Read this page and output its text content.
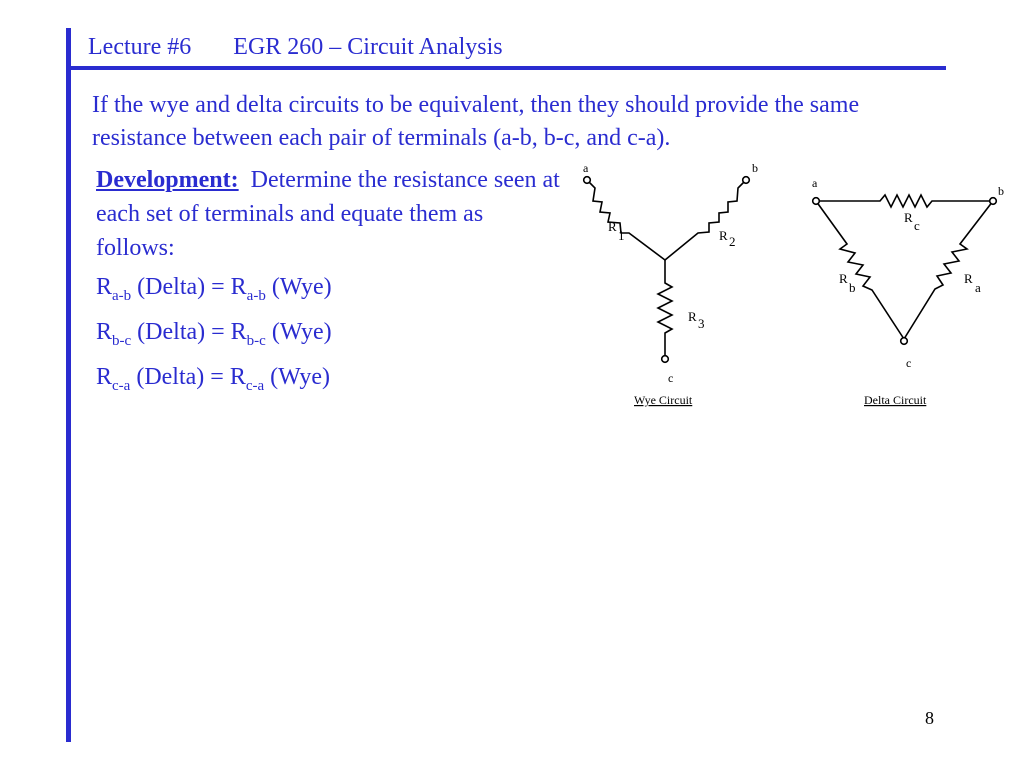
Lecture #6 EGR 260 – Circuit Analysis
If the wye and delta circuits to be equivalent, then they should provide the same resistance between each pair of terminals (a-b, b-c, and c-a).
Development: Determine the resistance seen at each set of terminals and equate them as follows:
$R_{a-b}$ (Delta) = $R_{a-b}$ (Wye)
$R_{b-c}$ (Delta) = $R_{b-c}$ (Wye)
$R_{c-a}$ (Delta) = $R_{c-a}$ (Wye)
a	b
c
R
1	R 2
R 3
Wye Circuit
a
b
c
R
c
R
a
R
b
Delta Circuit
8
